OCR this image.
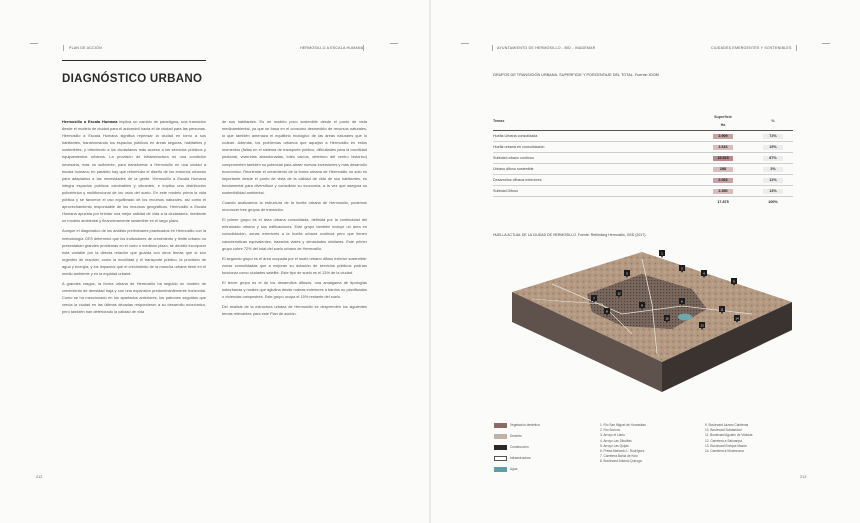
PLAN DE ACCIÓN	HERMOSILLO A ESCALA HUMANA
DIAGNÓSTICO URBANO

Hermosillo a Escala Humana implica un cambio de paradigma, una transición desde el modelo de ciudad para el automóvil hacia el de ciudad para las personas. Hermosillo a Escala Humana significa repensar la ciudad en torno a sus habitantes, transformando los espacios públicos en áreas seguras, habitables y sostenibles, y ofreciendo a los ciudadanos más acceso a los servicios públicos y equipamientos urbanos. La provisión de infraestructura es una condición necesaria, mas no suficiente, para transformar a Hermosillo en una ciudad a escala humana; en paralelo hay que reformular el diseño de los entornos urbanos para adaptarlos a las necesidades de la gente. Hermosillo a Escala Humana integra espacios públicos caminables y vibrantes, e implica una distribución policéntrica y multifuncional de los usos del suelo. En este modelo prima la vida pública y se favorece el uso equilibrado de los recursos naturales, así como el aprovechamiento responsable de los recursos geográficos. Hermosillo a Escala Humana apuesta por brindar una mejor calidad de vida a la ciudadanía, mediante un modelo ambiental y financieramente sostenible en el largo plazo.

Aunque el diagnóstico de los análisis preliminares practicados en Hermosillo con la metodología CES determinó que los indicadores de crecimiento y límite urbano no presentaban grandes problemas en el corto o mediano plazo, se decidió incorporar esta variable por la directa relación que guarda con otros temas que sí son urgentes de resolver, como la movilidad y el transporte público, la provisión de agua y energía, y los impactos que el crecimiento de la mancha urbana tiene en el medio ambiente y en la equidad urbana.

A grandes rasgos, la forma urbana de Hermosillo ha seguido un modelo de crecimiento de densidad baja y con una expansión predominantemente horizontal. Como se ha mencionado en los apartados anteriores, los patrones seguidos que crecía la ciudad en las últimas décadas responderon a su desarrollo económico, pero también han deteriorado la calidad de vida

de sus habitantes. Es un modelo poco sostenible desde el punto de vista medioambiental, ya que se basa en el consumo desmedido de recursos naturales, lo que también amenaza el equilibrio ecológico de las áreas naturales que lo rodean. Además, los problemas urbanos que aquejan a Hermosillo en estos momentos (fallas en el sistema de transporte público, dificultades para la movilidad peatonal, viviendas abandonadas, lotes vacíos, deterioro del centro histórico) comprometen también su potencial para atraer nuevas inversiones y más desarrollo económico. Reorientar el crecimiento de la forma urbana de Hermosillo no solo es importante desde el punto de vista de la calidad de vida de sus habitantes; es fundamental para diversificar y consolidar su economía, a la vez que asegura su sostenibilidad ambiental.

Cuando analizamos la estructura de la huella urbana de Hermosillo, podemos reconocer tres grupos de transición.

El primer grupo es el área urbana consolidada, definida por la continuidad del entramado urbano y sus edificaciones. Este grupo también incluye un área en consolidación, zonas exteriores a la huella urbana continua pero que tienen características equivalentes, trazados viales y densidades similares. Este primer grupo cubre 72% del total del suelo urbano de Hermosillo.

El segundo grupo es el área ocupada por el suelo urbano difuso exterior sostenible: zonas consolidadas que a mejoran su dotación de servicios públicos podrían funcionar como ciudades satélite. Este tipo de suelo es el 13% de la ciudad.

El tercer grupo es el de los desarrollos difusos, una amalgama de tipologías suburbanas y rurales que aglutina desde rodeas exteriores a barrios no planificados o viviendas campestres. Este grupo ocupa el 15% restante del suelo.

Del análisis de la estructura urbana de Hermosillo se desprenden los siguientes temas relevantes para este Plan de acción.

212
AYUNTAMIENTO DE HERMOSILLO - BID - INADEMAR	CIUDADES EMERGENTES Y SOSTENIBLES
GRUPOS DE TRANSICIÓN URBANA, SUPERFICIE Y PORCENTAJE DEL TOTAL. Fuente: IDOM
Temas	Superficie
Ha	%
Huella Urbana consolidada	2.909	72%
Huella urbana en consolidación	2.616	15%
Subtotal urbano continuo	15.525	87%
Urbano difuso sostenible	288	2%
Desarrollos difusos exteriores	2.063	12%
Subtotal Difuso	2.350	13%
	17.875	100%
HUELLA ACTUAL DE LA CIUDAD DE HERMOSILLO. Fuente: Rethinking Hermosillo, GSD (2017).
1
2
3	4
5
6
7
8
9
10
11
12
13
14
Vegetación desértica
Desierto
Construcción
Infraestructura
Agua
1. Río San Miguel de Horcasitas
2. Río Sonora
3. Arroyo el Llano
4. Arroyo Las Sibulitas
5. Arroyo Las Quijas
6. Presa Abelardo L. Rodríguez
7. Carretera Bahía de Kino
8. Boulevard Antonio Quiroga
9. Boulevard Lázaro Cárdenas
10. Boulevard Solidaridad
11. Boulevard Agustín de Vildosla
12. Carretera a Sahuaripa
13. Boulevard Enrique Mazón
14. Carretera a Moctezuma
213
